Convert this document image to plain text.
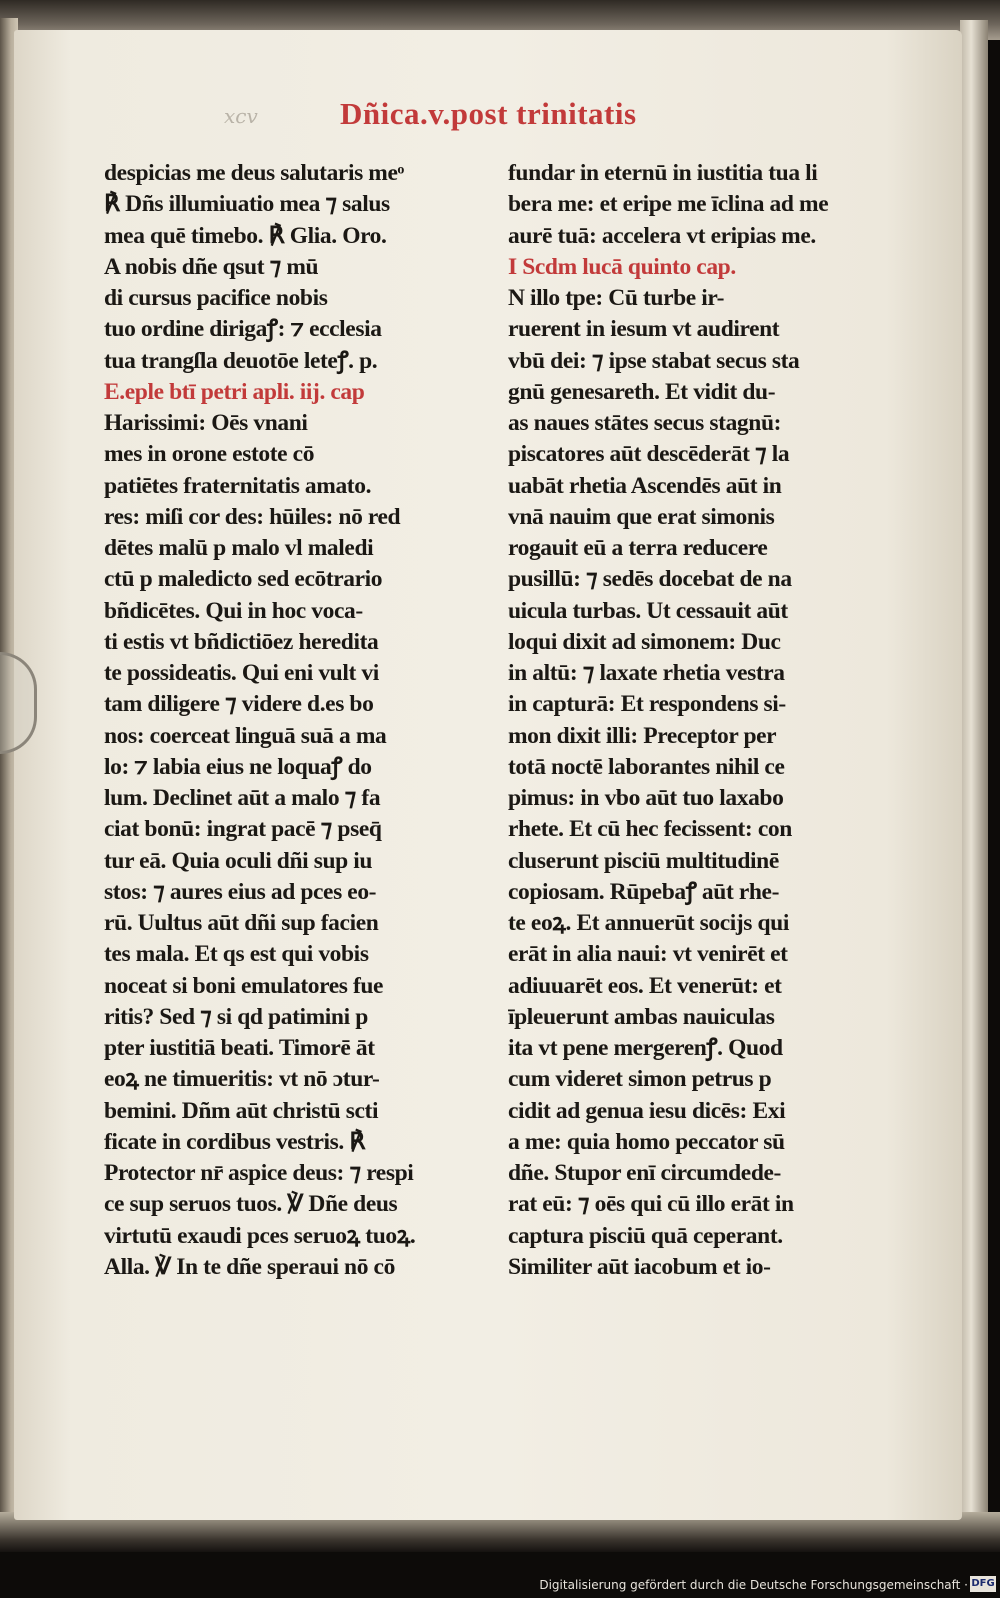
xcv	Dñica.v.post trinitatis
despicias me deus salutaris meᵒ
℟ Dñs illumiuatio mea ⁊ salus
mea quē timebo. ℟ Glia. Oro.
A nobis dñe qsut ⁊ mū
di cursus pacifice nobis
tuo ordine dirigaꝭ: ⁊ ecclesia
tua trangſla deuotōe leteꝭ. p.
E.eple btī petri apli. iij. cap
Harissimi: Oēs vnani
mes in orone estote cō
patiētes fraternitatis amato.
res: miſi cor des: hūiles: nō red
dētes malū p malo vl maledi
ctū p maledicto sed ecōtrario
bñdicētes. Qui in hoc voca-
ti estis vt bñdictiōez heredita
te possideatis. Qui eni vult vi
tam diligere ⁊ videre d.es bo
nos: coerceat linguā suā a ma
lo: ⁊ labia eius ne loquaꝭ do
lum. Declinet aūt a malo ⁊ fa
ciat bonū: ingrat pacē ⁊ pseq̄
tur eā. Quia oculi dñi sup iu
stos: ⁊ aures eius ad pces eo-
rū. Uultus aūt dñi sup facien
tes mala. Et qs est qui vobis
noceat si boni emulatores fue
ritis? Sed ⁊ si qd patimini p
pter iustitiā beati. Timorē āt
eoꝝ ne timueritis: vt nō ɔtur-
bemini. Dñm aūt christū scti
ficate in cordibus vestris. ℟
Protector nr̄ aspice deus: ⁊ respi
ce sup seruos tuos. ℣ Dñe deus
virtutū exaudi pces seruoꝝ tuoꝝ.
Alla. ℣ In te dñe speraui nō cō
fundar in eternū in iustitia tua li
bera me: et eripe me īclina ad me
aurē tuā: accelera vt eripias me.
I Scdm lucā quinto cap.
N illo tpe: Cū turbe ir-
ruerent in iesum vt audirent
vbū dei: ⁊ ipse stabat secus sta
gnū genesareth. Et vidit du-
as naues stātes secus stagnū:
piscatores aūt descēderāt ⁊ la
uabāt rhetia Ascendēs aūt in
vnā nauim que erat simonis
rogauit eū a terra reducere
pusillū: ⁊ sedēs docebat de na
uicula turbas. Ut cessauit aūt
loqui dixit ad simonem: Duc
in altū: ⁊ laxate rhetia vestra
in capturā: Et respondens si-
mon dixit illi: Preceptor per
totā noctē laborantes nihil ce
pimus: in vbo aūt tuo laxabo
rhete. Et cū hec fecissent: con
cluserunt pisciū multitudinē
copiosam. Rūpebaꝭ aūt rhe-
te eoꝝ. Et annuerūt socijs qui
erāt in alia naui: vt venirēt et
adiuuarēt eos. Et venerūt: et
īpleuerunt ambas nauiculas
ita vt pene mergerenꝭ. Quod
cum videret simon petrus p
cidit ad genua iesu dicēs: Exi
a me: quia homo peccator sū
dñe. Stupor enī circumdede-
rat eū: ⁊ oēs qui cū illo erāt in
captura pisciū quā ceperant.
Similiter aūt iacobum et io-
Digitalisierung gefördert durch die Deutsche Forschungsgemeinschaft · DFG
